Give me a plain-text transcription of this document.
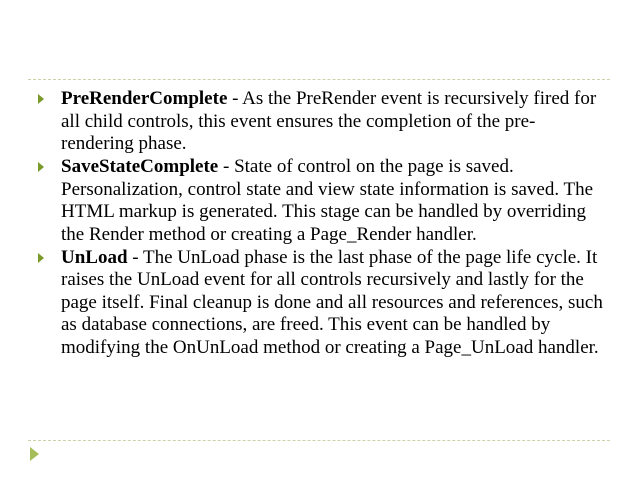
PreRenderComplete - As the PreRender event is recursively fired for all child controls, this event ensures the completion of the pre-rendering phase.
SaveStateComplete - State of control on the page is saved. Personalization, control state and view state information is saved. The HTML markup is generated. This stage can be handled by overriding the Render method or creating a Page_Render handler.
UnLoad - The UnLoad phase is the last phase of the page life cycle. It raises the UnLoad event for all controls recursively and lastly for the page itself. Final cleanup is done and all resources and references, such as database connections, are freed. This event can be handled by modifying the OnUnLoad method or creating a Page_UnLoad handler.
